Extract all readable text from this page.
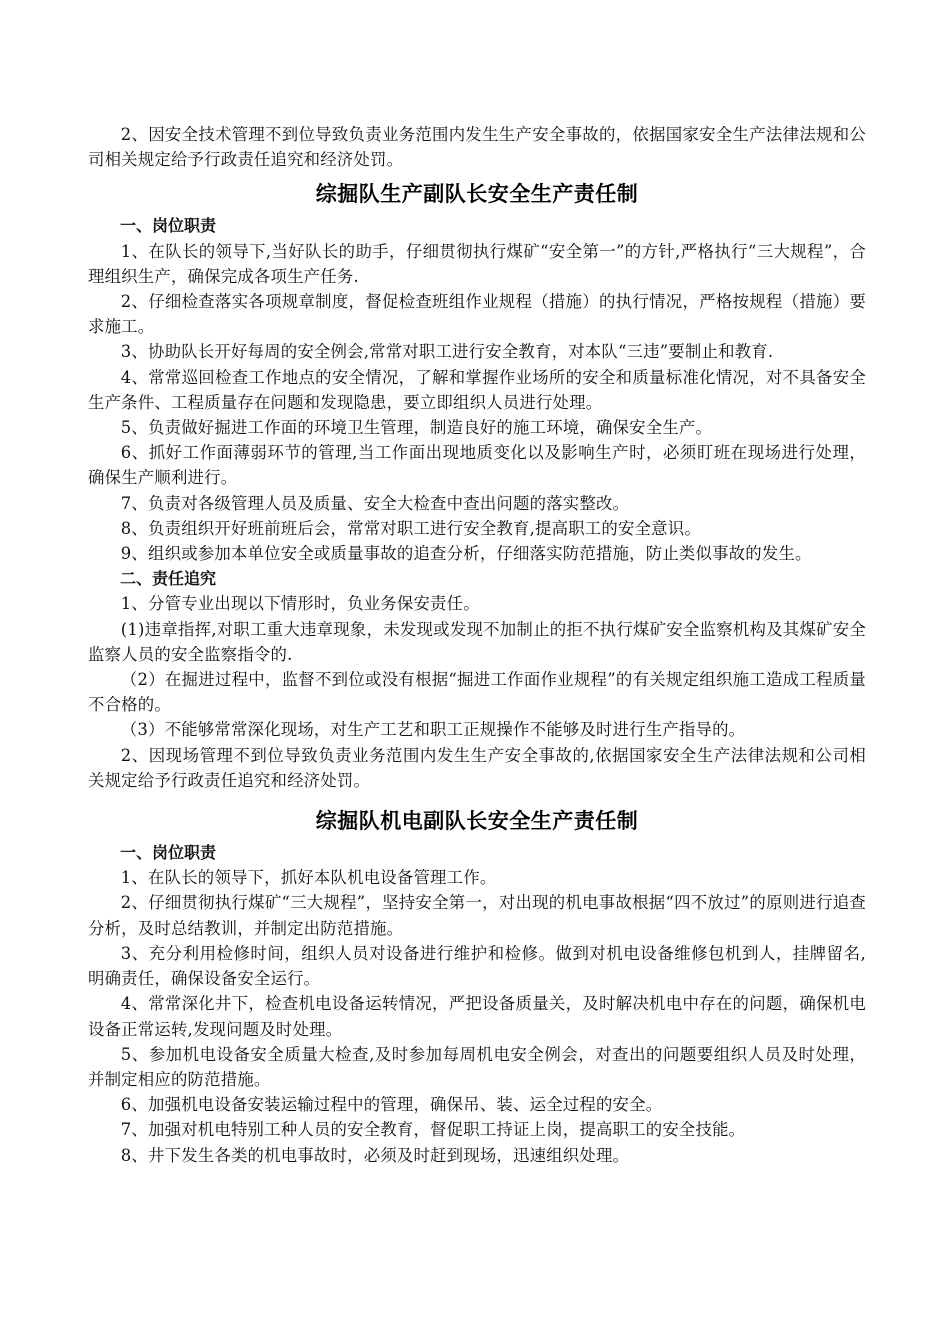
2、因安全技术管理不到位导致负责业务范围内发生生产安全事故的，依据国家安全生产法律法规和公司相关规定给予行政责任追究和经济处罚。

综掘队生产副队长安全生产责任制

一、岗位职责

1、在队长的领导下,当好队长的助手，仔细贯彻执行煤矿“安全第一”的方针,严格执行“三大规程”，合理组织生产，确保完成各项生产任务.

2、仔细检查落实各项规章制度，督促检查班组作业规程（措施）的执行情况，严格按规程（措施）要求施工。

3、协助队长开好每周的安全例会,常常对职工进行安全教育，对本队“三违”要制止和教育.

4、常常巡回检查工作地点的安全情况，了解和掌握作业场所的安全和质量标准化情况，对不具备安全生产条件、工程质量存在问题和发现隐患，要立即组织人员进行处理。

5、负责做好掘进工作面的环境卫生管理，制造良好的施工环境，确保安全生产。

6、抓好工作面薄弱环节的管理,当工作面出现地质变化以及影响生产时，必须盯班在现场进行处理，确保生产顺利进行。

7、负责对各级管理人员及质量、安全大检查中查出问题的落实整改。

8、负责组织开好班前班后会，常常对职工进行安全教育,提高职工的安全意识。

9、组织或参加本单位安全或质量事故的追查分析，仔细落实防范措施，防止类似事故的发生。

二、责任追究

1、分管专业出现以下情形时，负业务保安责任。

(1)违章指挥,对职工重大违章现象，未发现或发现不加制止的拒不执行煤矿安全监察机构及其煤矿安全监察人员的安全监察指令的.

（2）在掘进过程中，监督不到位或没有根据“掘进工作面作业规程”的有关规定组织施工造成工程质量不合格的。

（3）不能够常常深化现场，对生产工艺和职工正规操作不能够及时进行生产指导的。

2、因现场管理不到位导致负责业务范围内发生生产安全事故的,依据国家安全生产法律法规和公司相关规定给予行政责任追究和经济处罚。

综掘队机电副队长安全生产责任制

一、岗位职责

1、在队长的领导下，抓好本队机电设备管理工作。

2、仔细贯彻执行煤矿“三大规程”，坚持安全第一，对出现的机电事故根据“四不放过”的原则进行追查分析，及时总结教训，并制定出防范措施。

3、充分利用检修时间，组织人员对设备进行维护和检修。做到对机电设备维修包机到人，挂牌留名,明确责任，确保设备安全运行。

4、常常深化井下，检查机电设备运转情况，严把设备质量关，及时解决机电中存在的问题，确保机电设备正常运转,发现问题及时处理。

5、参加机电设备安全质量大检查,及时参加每周机电安全例会，对查出的问题要组织人员及时处理，并制定相应的防范措施。

6、加强机电设备安装运输过程中的管理，确保吊、装、运全过程的安全。

7、加强对机电特别工种人员的安全教育，督促职工持证上岗，提高职工的安全技能。

8、井下发生各类的机电事故时，必须及时赶到现场，迅速组织处理。
